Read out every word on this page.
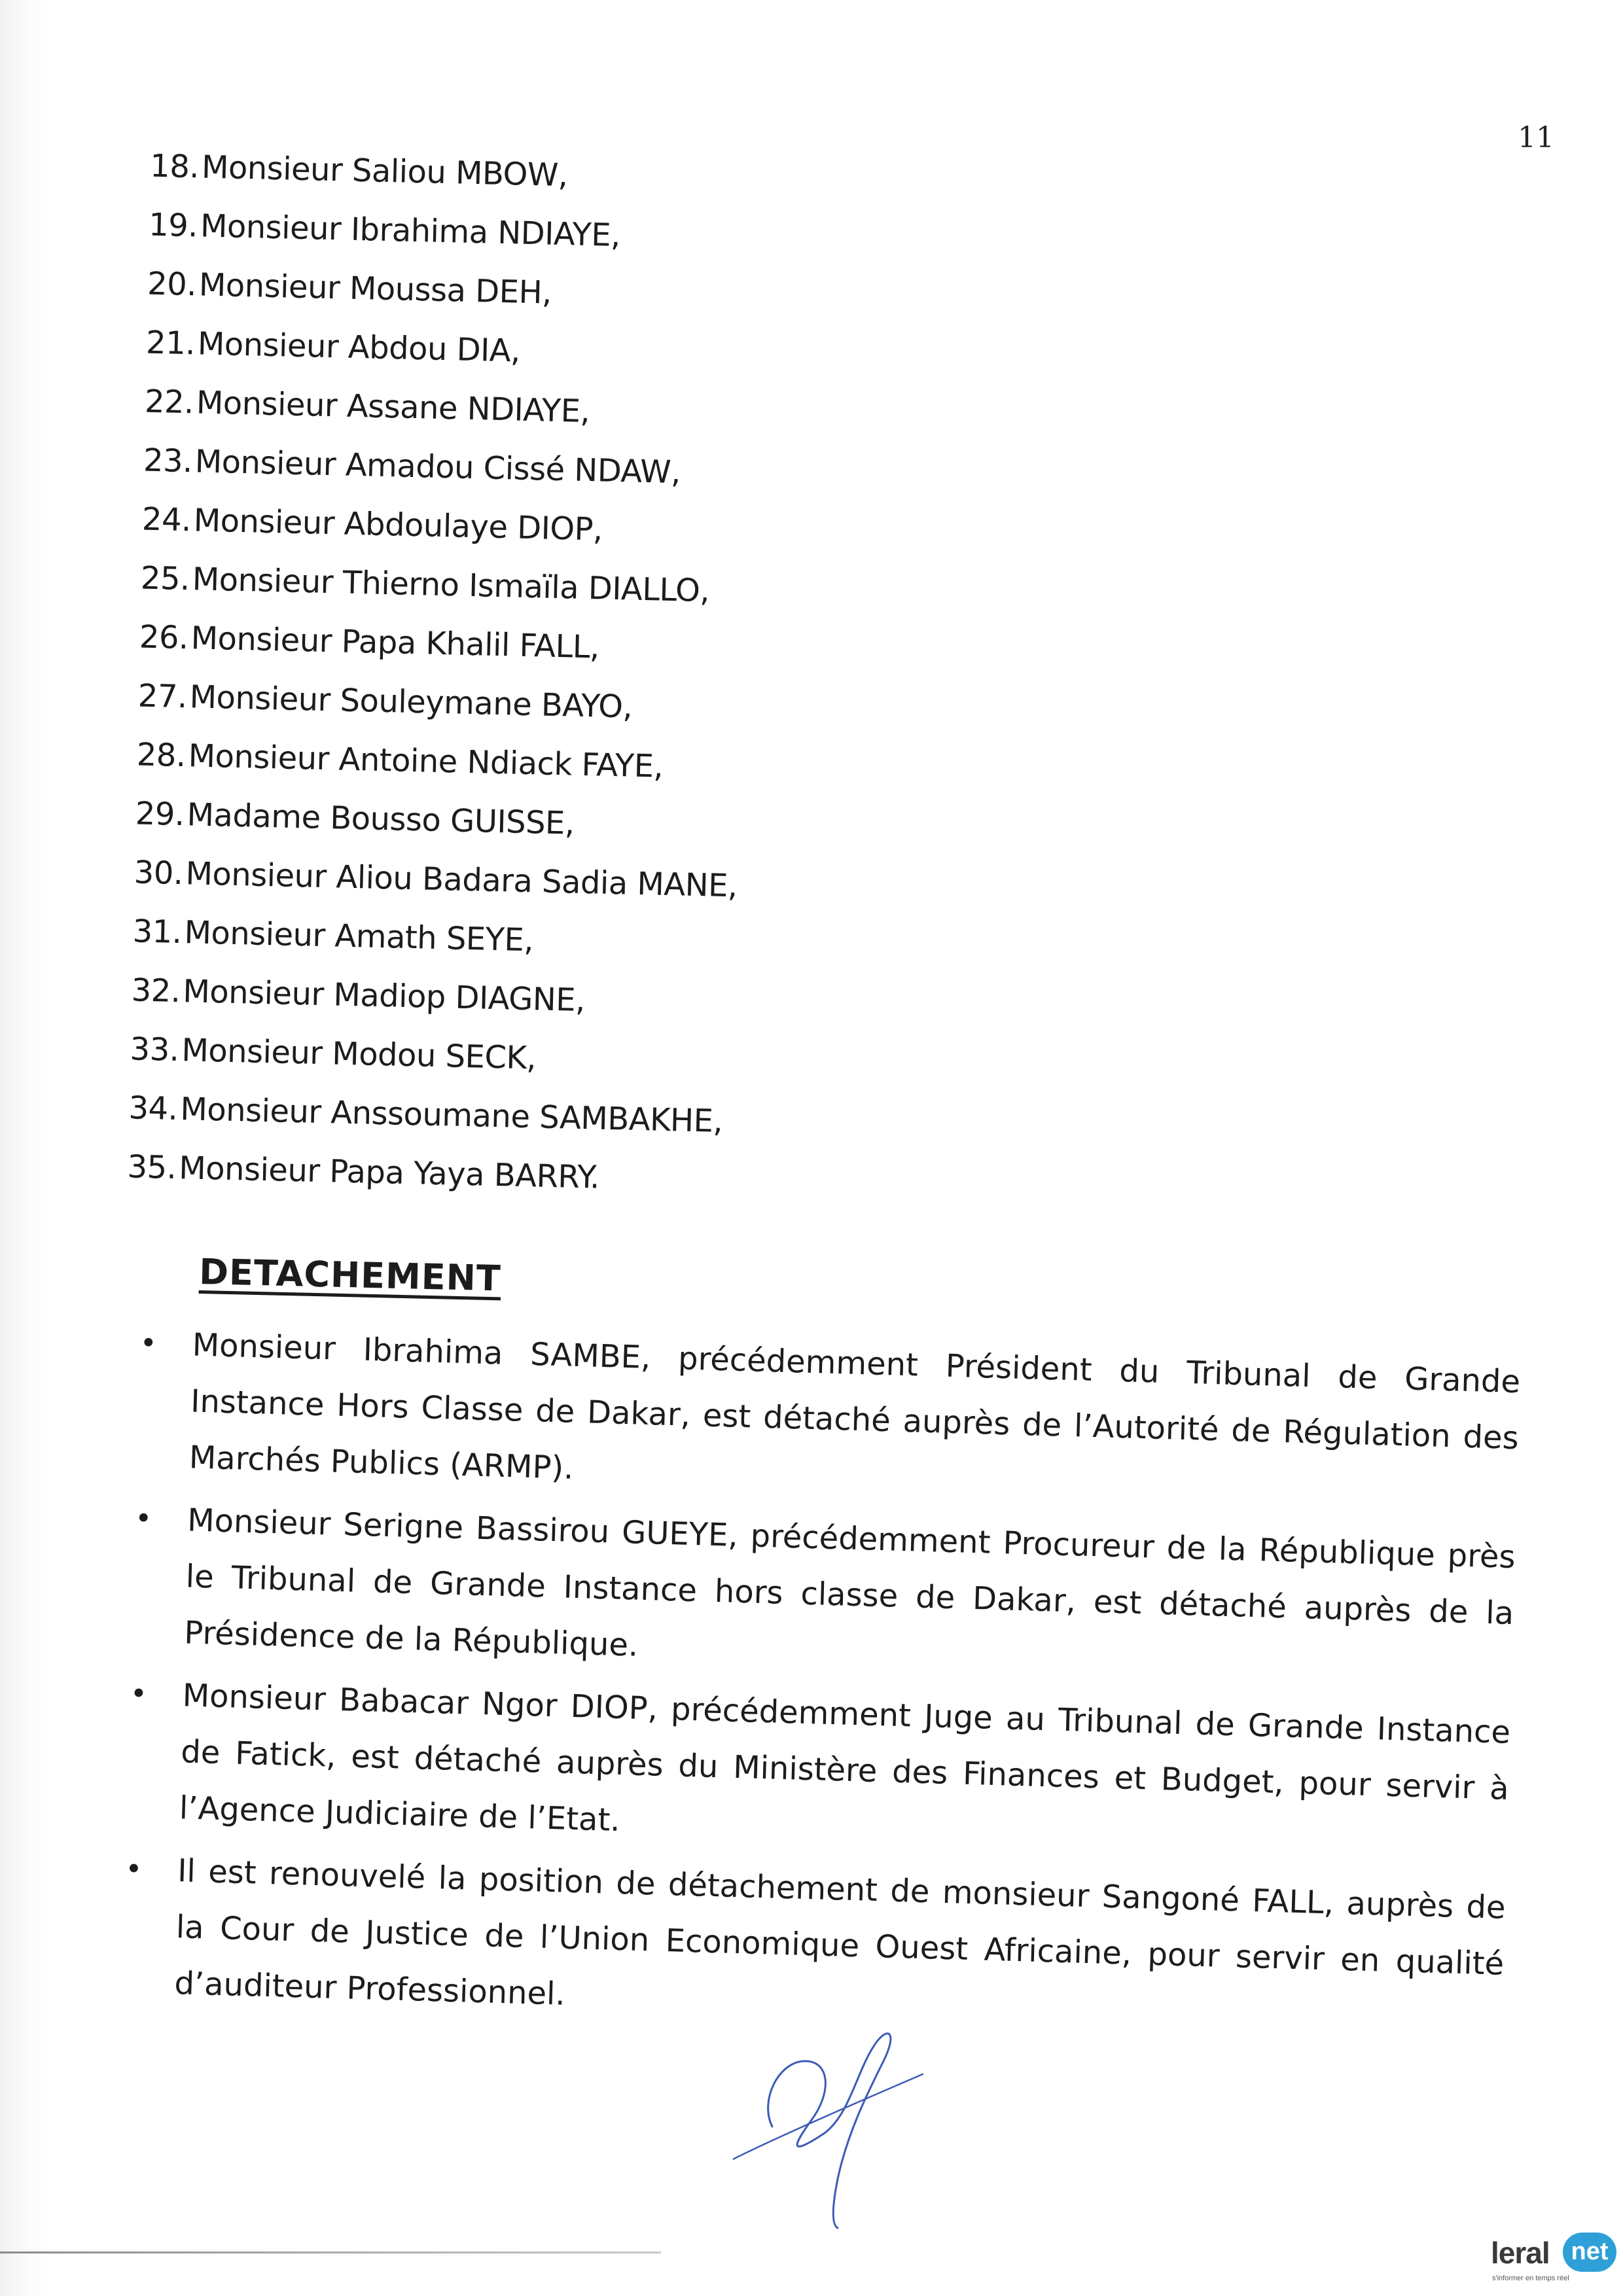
11
18
. Monsieur Saliou MBOW,
19
. Monsieur Ibrahima NDIAYE,
20
. Monsieur Moussa DEH,
21
. Monsieur Abdou DIA,
22
. Monsieur Assane NDIAYE,
23
. Monsieur Amadou Cissé NDAW,
24
. Monsieur Abdoulaye DIOP,
25
. Monsieur Thierno Ismaïla DIALLO,
26
. Monsieur Papa Khalil FALL,
27
. Monsieur Souleymane BAYO,
28
. Monsieur Antoine Ndiack FAYE,
29
. Madame Bousso GUISSE,
30
. Monsieur Aliou Badara Sadia MANE,
31
. Monsieur Amath SEYE,
32
. Monsieur Madiop DIAGNE,
33
. Monsieur Modou SECK,
34
. Monsieur Anssoumane SAMBAKHE,
35
. Monsieur Papa Yaya BARRY.
DETACHEMENT
• Monsieur Ibrahima SAMBE, précédemment Président du Tribunal de Grande Instance Hors Classe de Dakar, est détaché auprès de l’Autorité de Régulation des Marchés Publics (ARMP).
• Monsieur Serigne Bassirou GUEYE, précédemment Procureur de la République près le Tribunal de Grande Instance hors classe de Dakar, est détaché auprès de la Présidence de la République.
• Monsieur Babacar Ngor DIOP, précédemment Juge au Tribunal de Grande Instance de Fatick, est détaché auprès du Ministère des Finances et Budget, pour servir à l’Agence Judiciaire de l’Etat.
• Il est renouvelé la position de détachement de monsieur Sangoné FALL, auprès de la Cour de Justice de l’Union Economique Ouest Africaine, pour servir en qualité d’auditeur Professionnel.
leral net
s'informer en temps réel
